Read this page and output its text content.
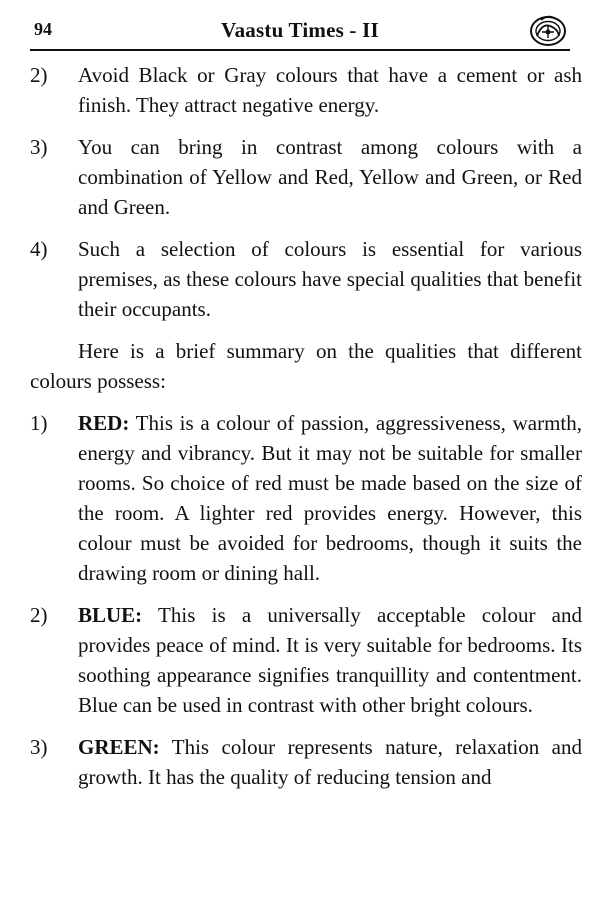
94	Vaastu Times - II
2)	Avoid Black or Gray colours that have a cement or ash finish. They attract negative energy.
3)	You can bring in contrast among colours with a combination of Yellow and Red, Yellow and Green, or Red and Green.
4)	Such a selection of colours is essential for various premises, as these colours have special qualities that benefit their occupants.

Here is a brief summary on the qualities that different colours possess:

1)	RED: This is a colour of passion, aggressiveness, warmth, energy and vibrancy. But it may not be suitable for smaller rooms. So choice of red must be made based on the size of the room. A lighter red provides energy. However, this colour must be avoided for bedrooms, though it suits the drawing room or dining hall.
2)	BLUE: This is a universally acceptable colour and provides peace of mind. It is very suitable for bedrooms. Its soothing appearance signifies tranquillity and contentment. Blue can be used in contrast with other bright colours.
3)	GREEN: This colour represents nature, relaxation and growth. It has the quality of reducing tension and
